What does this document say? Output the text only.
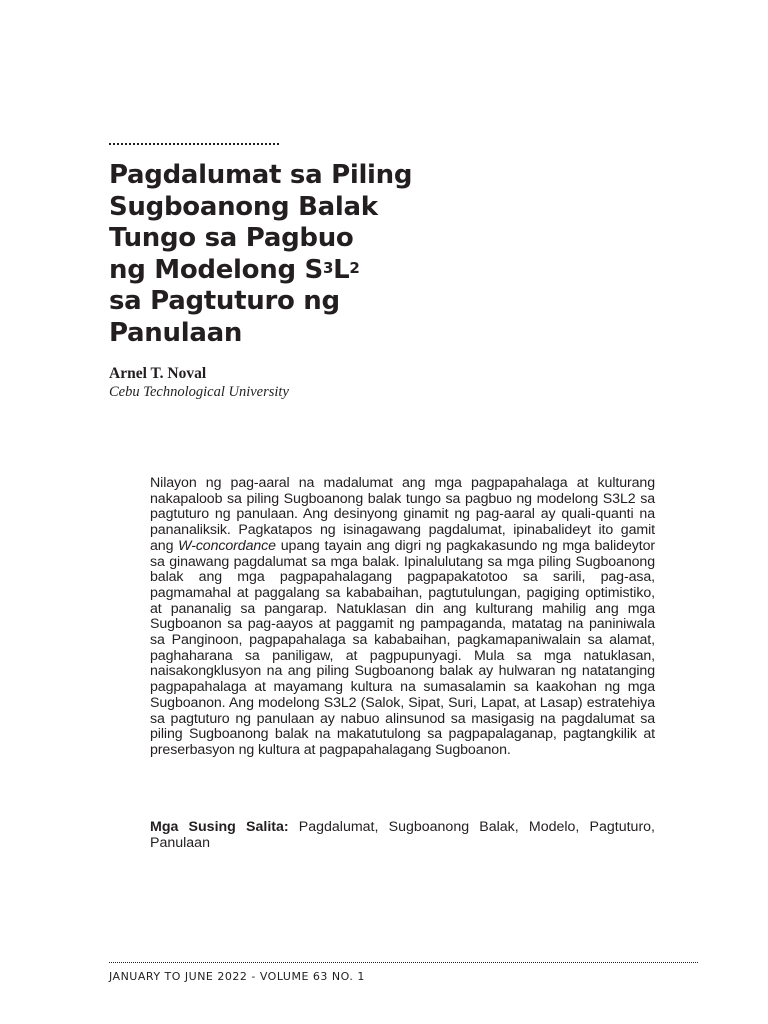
Pagdalumat sa Piling
Sugboanong Balak
Tungo sa Pagbuo
ng Modelong $S^3L^2$
sa Pagtuturo ng
Panulaan
Arnel T. Noval
Cebu Technological University

Nilayon ng pag-aaral na madalumat ang mga pagpapahalaga at kulturang nakapaloob sa piling Sugboanong balak tungo sa pagbuo ng modelong S3L2 sa pagtuturo ng panulaan. Ang desinyong ginamit ng pag-aaral ay quali-quanti na pananaliksik. Pagkatapos ng isinagawang pagdalumat, ipinabalideyt ito gamit ang W-concordance upang tayain ang digri ng pagkakasundo ng mga balideytor sa ginawang pagdalumat sa mga balak. Ipinalulutang sa mga piling Sugboanong balak ang mga pagpapahalagang pagpapakatotoo sa sarili, pag-asa, pagmamahal at paggalang sa kababaihan, pagtutulungan, pagiging optimistiko, at pananalig sa pangarap. Natuklasan din ang kulturang mahilig ang mga Sugboanon sa pag-aayos at paggamit ng pampaganda, matatag na paniniwala sa Panginoon, pagpapahalaga sa kababaihan, pagkamapaniwalain sa alamat, paghaharana sa paniligaw, at pagpupunyagi. Mula sa mga natuklasan, naisakongklusyon na ang piling Sugboanong balak ay hulwaran ng natatanging pagpapahalaga at mayamang kultura na sumasalamin sa kaakohan ng mga Sugboanon. Ang modelong S3L2 (Salok, Sipat, Suri, Lapat, at Lasap) estratehiya sa pagtuturo ng panulaan ay nabuo alinsunod sa masigasig na pagdalumat sa piling Sugboanong balak na makatutulong sa pagpapalaganap, pagtangkilik at preserbasyon ng kultura at pagpapahalagang Sugboanon.

Mga Susing Salita: Pagdalumat, Sugboanong Balak, Modelo, Pagtuturo, Panulaan

JANUARY TO JUNE 2022 - VOLUME 63 NO. 1
